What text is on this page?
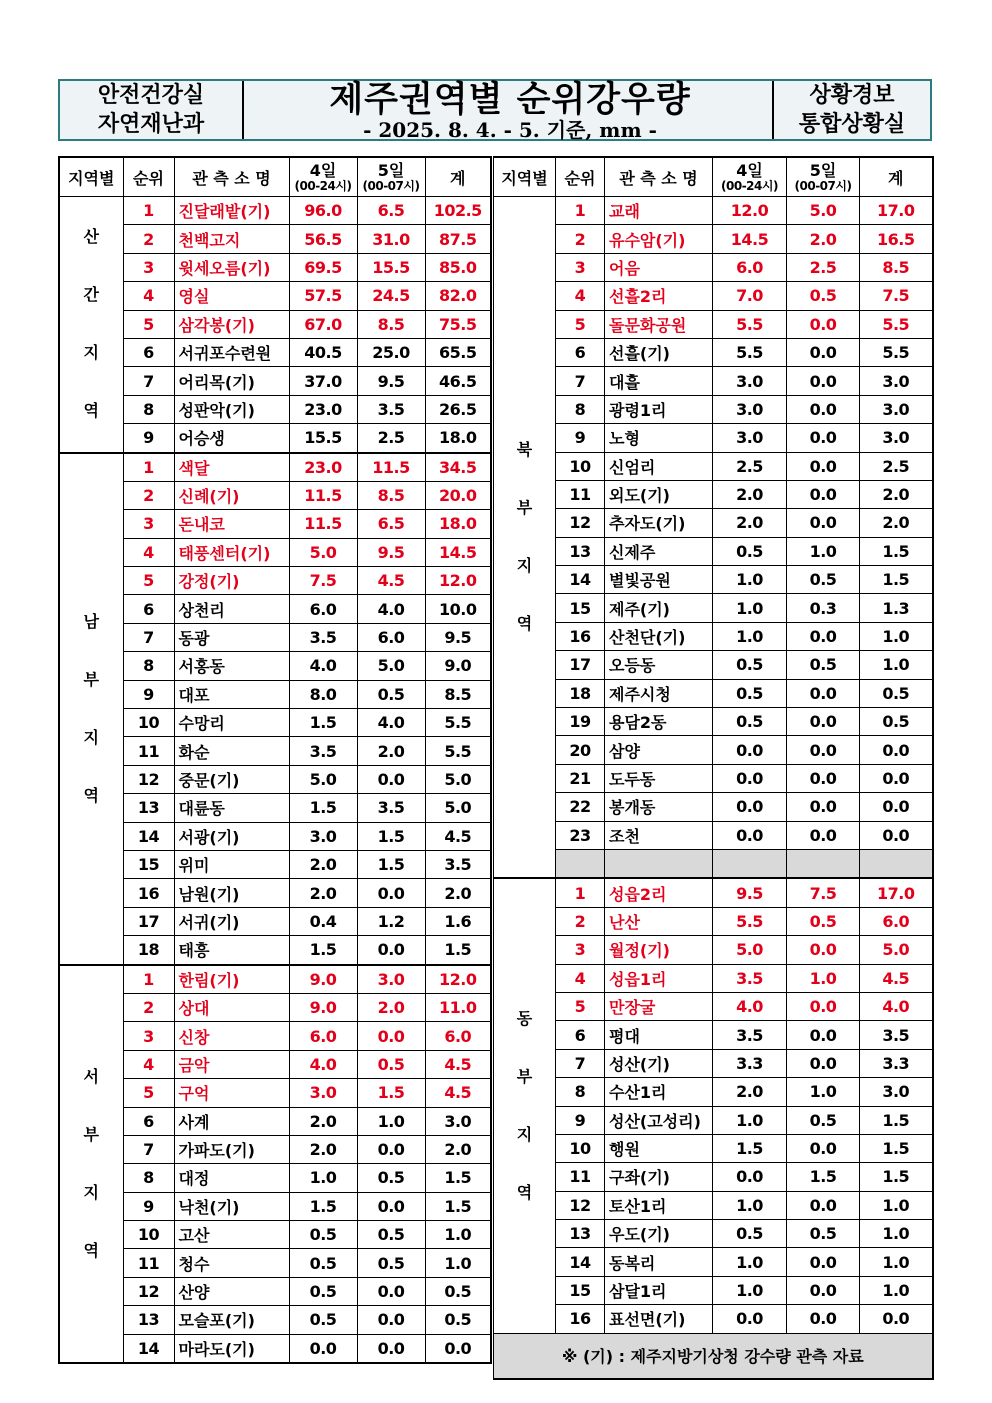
안전건강실
자연재난과
제주권역별 순위강우량
- 2025. 8. 4. - 5. 기준, mm -
상황경보
통합상황실
지역별	순위	관 측 소 명	4일
(00-24시)	5일
(00-07시)	계

산
간
지
역	1	진달래밭(기)	96.0	6.5	102.5
	2	천백고지	56.5	31.0	87.5
	3	윗세오름(기)	69.5	15.5	85.0
	4	영실	57.5	24.5	82.0
	5	삼각봉(기)	67.0	8.5	75.5
	6	서귀포수련원	40.5	25.0	65.5
	7	어리목(기)	37.0	9.5	46.5
	8	성판악(기)	23.0	3.5	26.5
	9	어승생	15.5	2.5	18.0

남
부
지
역	1	색달	23.0	11.5	34.5
	2	신례(기)	11.5	8.5	20.0
	3	돈내코	11.5	6.5	18.0
	4	태풍센터(기)	5.0	9.5	14.5
	5	강정(기)	7.5	4.5	12.0
	6	상천리	6.0	4.0	10.0
	7	동광	3.5	6.0	9.5
	8	서홍동	4.0	5.0	9.0
	9	대포	8.0	0.5	8.5
	10	수망리	1.5	4.0	5.5
	11	화순	3.5	2.0	5.5
	12	중문(기)	5.0	0.0	5.0
	13	대륜동	1.5	3.5	5.0
	14	서광(기)	3.0	1.5	4.5
	15	위미	2.0	1.5	3.5
	16	남원(기)	2.0	0.0	2.0
	17	서귀(기)	0.4	1.2	1.6
	18	태흥	1.5	0.0	1.5

서
부
지
역	1	한림(기)	9.0	3.0	12.0
	2	상대	9.0	2.0	11.0
	3	신창	6.0	0.0	6.0
	4	금악	4.0	0.5	4.5
	5	구억	3.0	1.5	4.5
	6	사계	2.0	1.0	3.0
	7	가파도(기)	2.0	0.0	2.0
	8	대정	1.0	0.5	1.5
	9	낙천(기)	1.5	0.0	1.5
	10	고산	0.5	0.5	1.0
	11	청수	0.5	0.5	1.0
	12	산양	0.5	0.0	0.5
	13	모슬포(기)	0.5	0.0	0.5
	14	마라도(기)	0.0	0.0	0.0
지역별	순위	관 측 소 명	4일
(00-24시)	5일
(00-07시)	계

북
부
지
역	1	교래	12.0	5.0	17.0
	2	유수암(기)	14.5	2.0	16.5
	3	어음	6.0	2.5	8.5
	4	선흘2리	7.0	0.5	7.5
	5	돌문화공원	5.5	0.0	5.5
	6	선흘(기)	5.5	0.0	5.5
	7	대흘	3.0	0.0	3.0
	8	광령1리	3.0	0.0	3.0
	9	노형	3.0	0.0	3.0
	10	신엄리	2.5	0.0	2.5
	11	외도(기)	2.0	0.0	2.0
	12	추자도(기)	2.0	0.0	2.0
	13	신제주	0.5	1.0	1.5
	14	별빛공원	1.0	0.5	1.5
	15	제주(기)	1.0	0.3	1.3
	16	산천단(기)	1.0	0.0	1.0
	17	오등동	0.5	0.5	1.0
	18	제주시청	0.5	0.0	0.5
	19	용담2동	0.5	0.0	0.5
	20	삼양	0.0	0.0	0.0
	21	도두동	0.0	0.0	0.0
	22	봉개동	0.0	0.0	0.0
	23	조천	0.0	0.0	0.0

동
부
지
역	1	성읍2리	9.5	7.5	17.0
	2	난산	5.5	0.5	6.0
	3	월정(기)	5.0	0.0	5.0
	4	성읍1리	3.5	1.0	4.5
	5	만장굴	4.0	0.0	4.0
	6	평대	3.5	0.0	3.5
	7	성산(기)	3.3	0.0	3.3
	8	수산1리	2.0	1.0	3.0
	9	성산(고성리)	1.0	0.5	1.5
	10	행원	1.5	0.0	1.5
	11	구좌(기)	0.0	1.5	1.5
	12	토산1리	1.0	0.0	1.0
	13	우도(기)	0.5	0.5	1.0
	14	동복리	1.0	0.0	1.0
	15	삼달1리	1.0	0.0	1.0
	16	표선면(기)	0.0	0.0	0.0
※ (기) : 제주지방기상청 강수량 관측 자료					
